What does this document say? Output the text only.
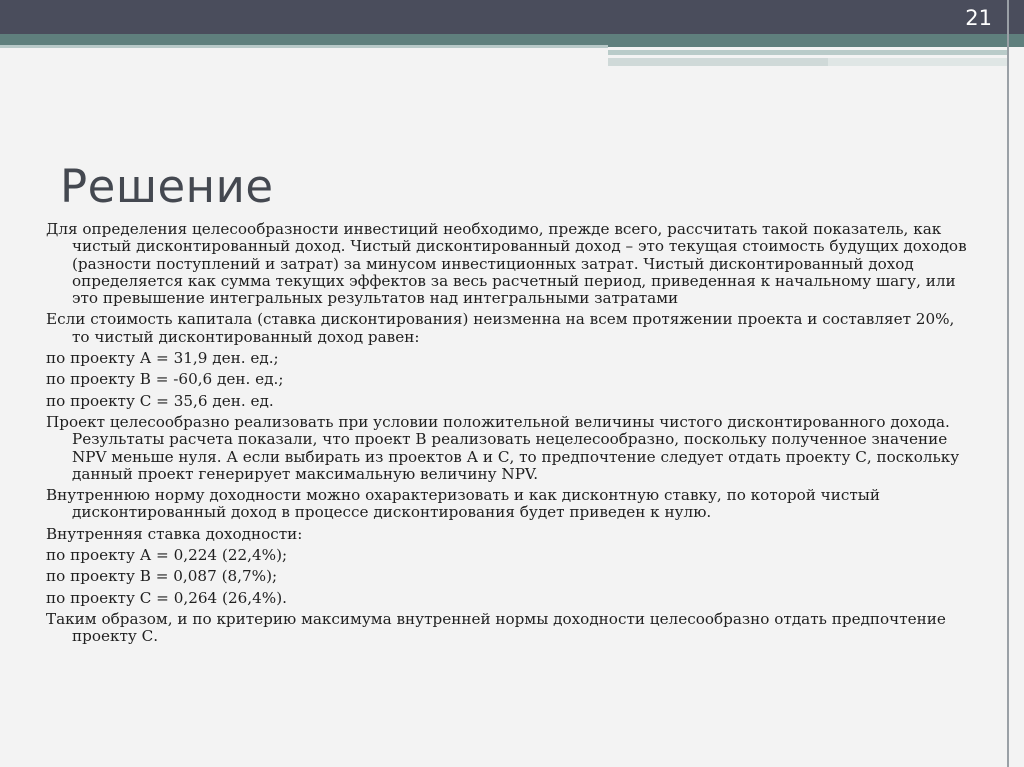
21
Решение

Для определения целесообразности инвестиций необходимо, прежде всего, рассчитать такой показатель, как чистый дисконтированный доход. Чистый дисконтированный доход – это текущая стоимость будущих доходов (разности поступлений и затрат) за минусом инвестиционных затрат. Чистый дисконтированный доход определяется как сумма текущих эффектов за весь расчетный период, приведенная к начальному шагу, или это превышение интегральных результатов над интегральными затратами

Если стоимость капитала (ставка дисконтирования) неизменна на всем протяжении проекта и составляет 20%, то чистый дисконтированный доход равен:

по проекту А = 31,9 ден. ед.;

по проекту В = -60,6 ден. ед.;

по проекту С = 35,6 ден. ед.

Проект целесообразно реализовать при условии положительной величины чистого дисконтированного дохода. Результаты расчета показали, что проект В реализовать нецелесообразно, поскольку полученное значение NPV меньше нуля. А если выбирать из проектов А и С, то предпочтение следует отдать проекту С, поскольку данный проект генерирует максимальную величину NPV.

Внутреннюю норму доходности можно охарактеризовать и как дисконтную ставку, по которой чистый дисконтированный доход в процессе дисконтирования будет приведен к нулю.

Внутренняя ставка доходности:

по проекту А = 0,224 (22,4%);

по проекту В = 0,087 (8,7%);

по проекту С = 0,264 (26,4%).

Таким образом, и по критерию максимума внутренней нормы доходности целесообразно отдать предпочтение проекту С.
